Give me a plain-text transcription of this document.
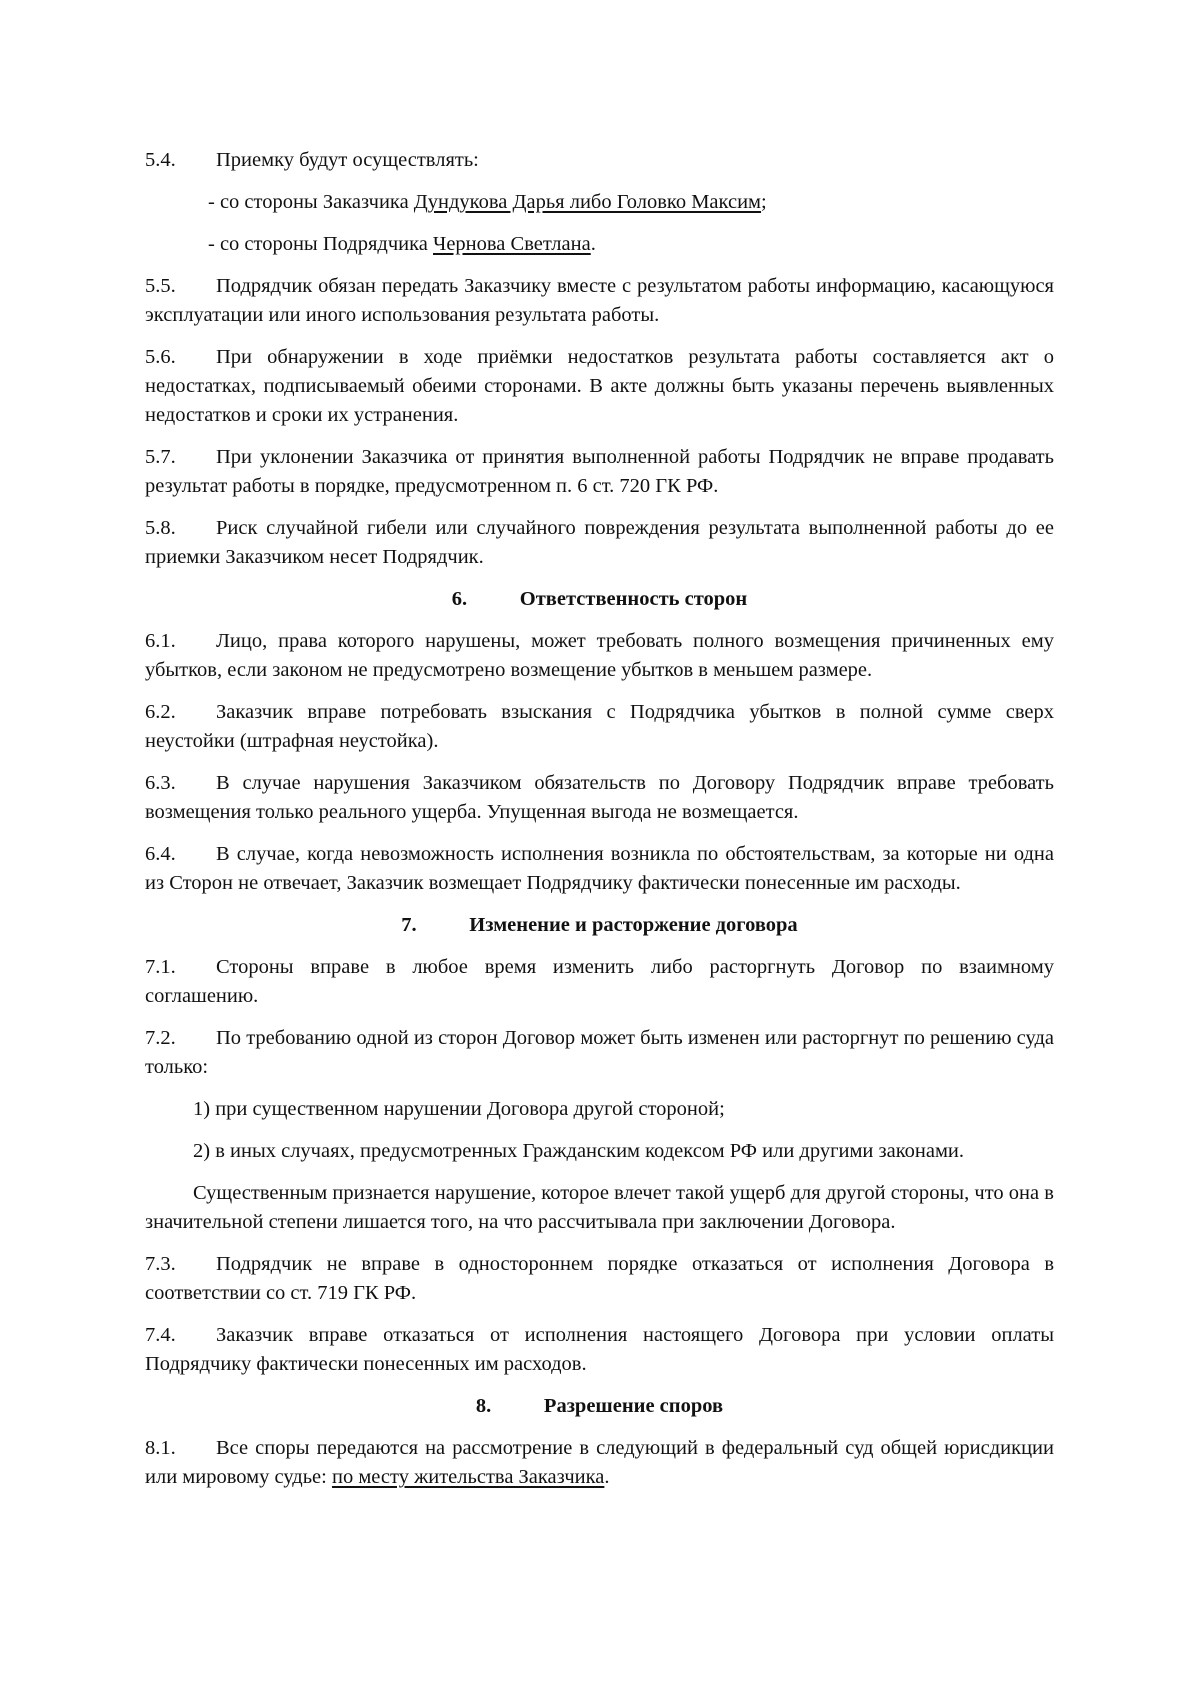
5.4. Приемку будут осуществлять:

- со стороны Заказчика Дундукова Дарья либо Головко Максим;

- со стороны Подрядчика Чернова Светлана.

5.5. Подрядчик обязан передать Заказчику вместе с результатом работы информацию, касающуюся эксплуатации или иного использования результата работы.

5.6. При обнаружении в ходе приёмки недостатков результата работы составляется акт о недостатках, подписываемый обеими сторонами. В акте должны быть указаны перечень выявленных недостатков и сроки их устранения.

5.7. При уклонении Заказчика от принятия выполненной работы Подрядчик не вправе продавать результат работы в порядке, предусмотренном п. 6 ст. 720 ГК РФ.

5.8. Риск случайной гибели или случайного повреждения результата выполненной работы до ее приемки Заказчиком несет Подрядчик.

6.	Ответственность сторон

6.1. Лицо, права которого нарушены, может требовать полного возмещения причиненных ему убытков, если законом не предусмотрено возмещение убытков в меньшем размере.

6.2. Заказчик вправе потребовать взыскания с Подрядчика убытков в полной сумме сверх неустойки (штрафная неустойка).

6.3. В случае нарушения Заказчиком обязательств по Договору Подрядчик вправе требовать возмещения только реального ущерба. Упущенная выгода не возмещается.

6.4. В случае, когда невозможность исполнения возникла по обстоятельствам, за которые ни одна из Сторон не отвечает, Заказчик возмещает Подрядчику фактически понесенные им расходы.

7.	Изменение и расторжение договора

7.1. Стороны вправе в любое время изменить либо расторгнуть Договор по взаимному соглашению.

7.2. По требованию одной из сторон Договор может быть изменен или расторгнут по решению суда только:

1) при существенном нарушении Договора другой стороной;

2) в иных случаях, предусмотренных Гражданским кодексом РФ или другими законами.

Существенным признается нарушение, которое влечет такой ущерб для другой стороны, что она в значительной степени лишается того, на что рассчитывала при заключении Договора.

7.3. Подрядчик не вправе в одностороннем порядке отказаться от исполнения Договора в соответствии со ст. 719 ГК РФ.

7.4. Заказчик вправе отказаться от исполнения настоящего Договора при условии оплаты Подрядчику фактически понесенных им расходов.

8.	Разрешение споров

8.1. Все споры передаются на рассмотрение в следующий в федеральный суд общей юрисдикции или мировому судье: по месту жительства Заказчика.
